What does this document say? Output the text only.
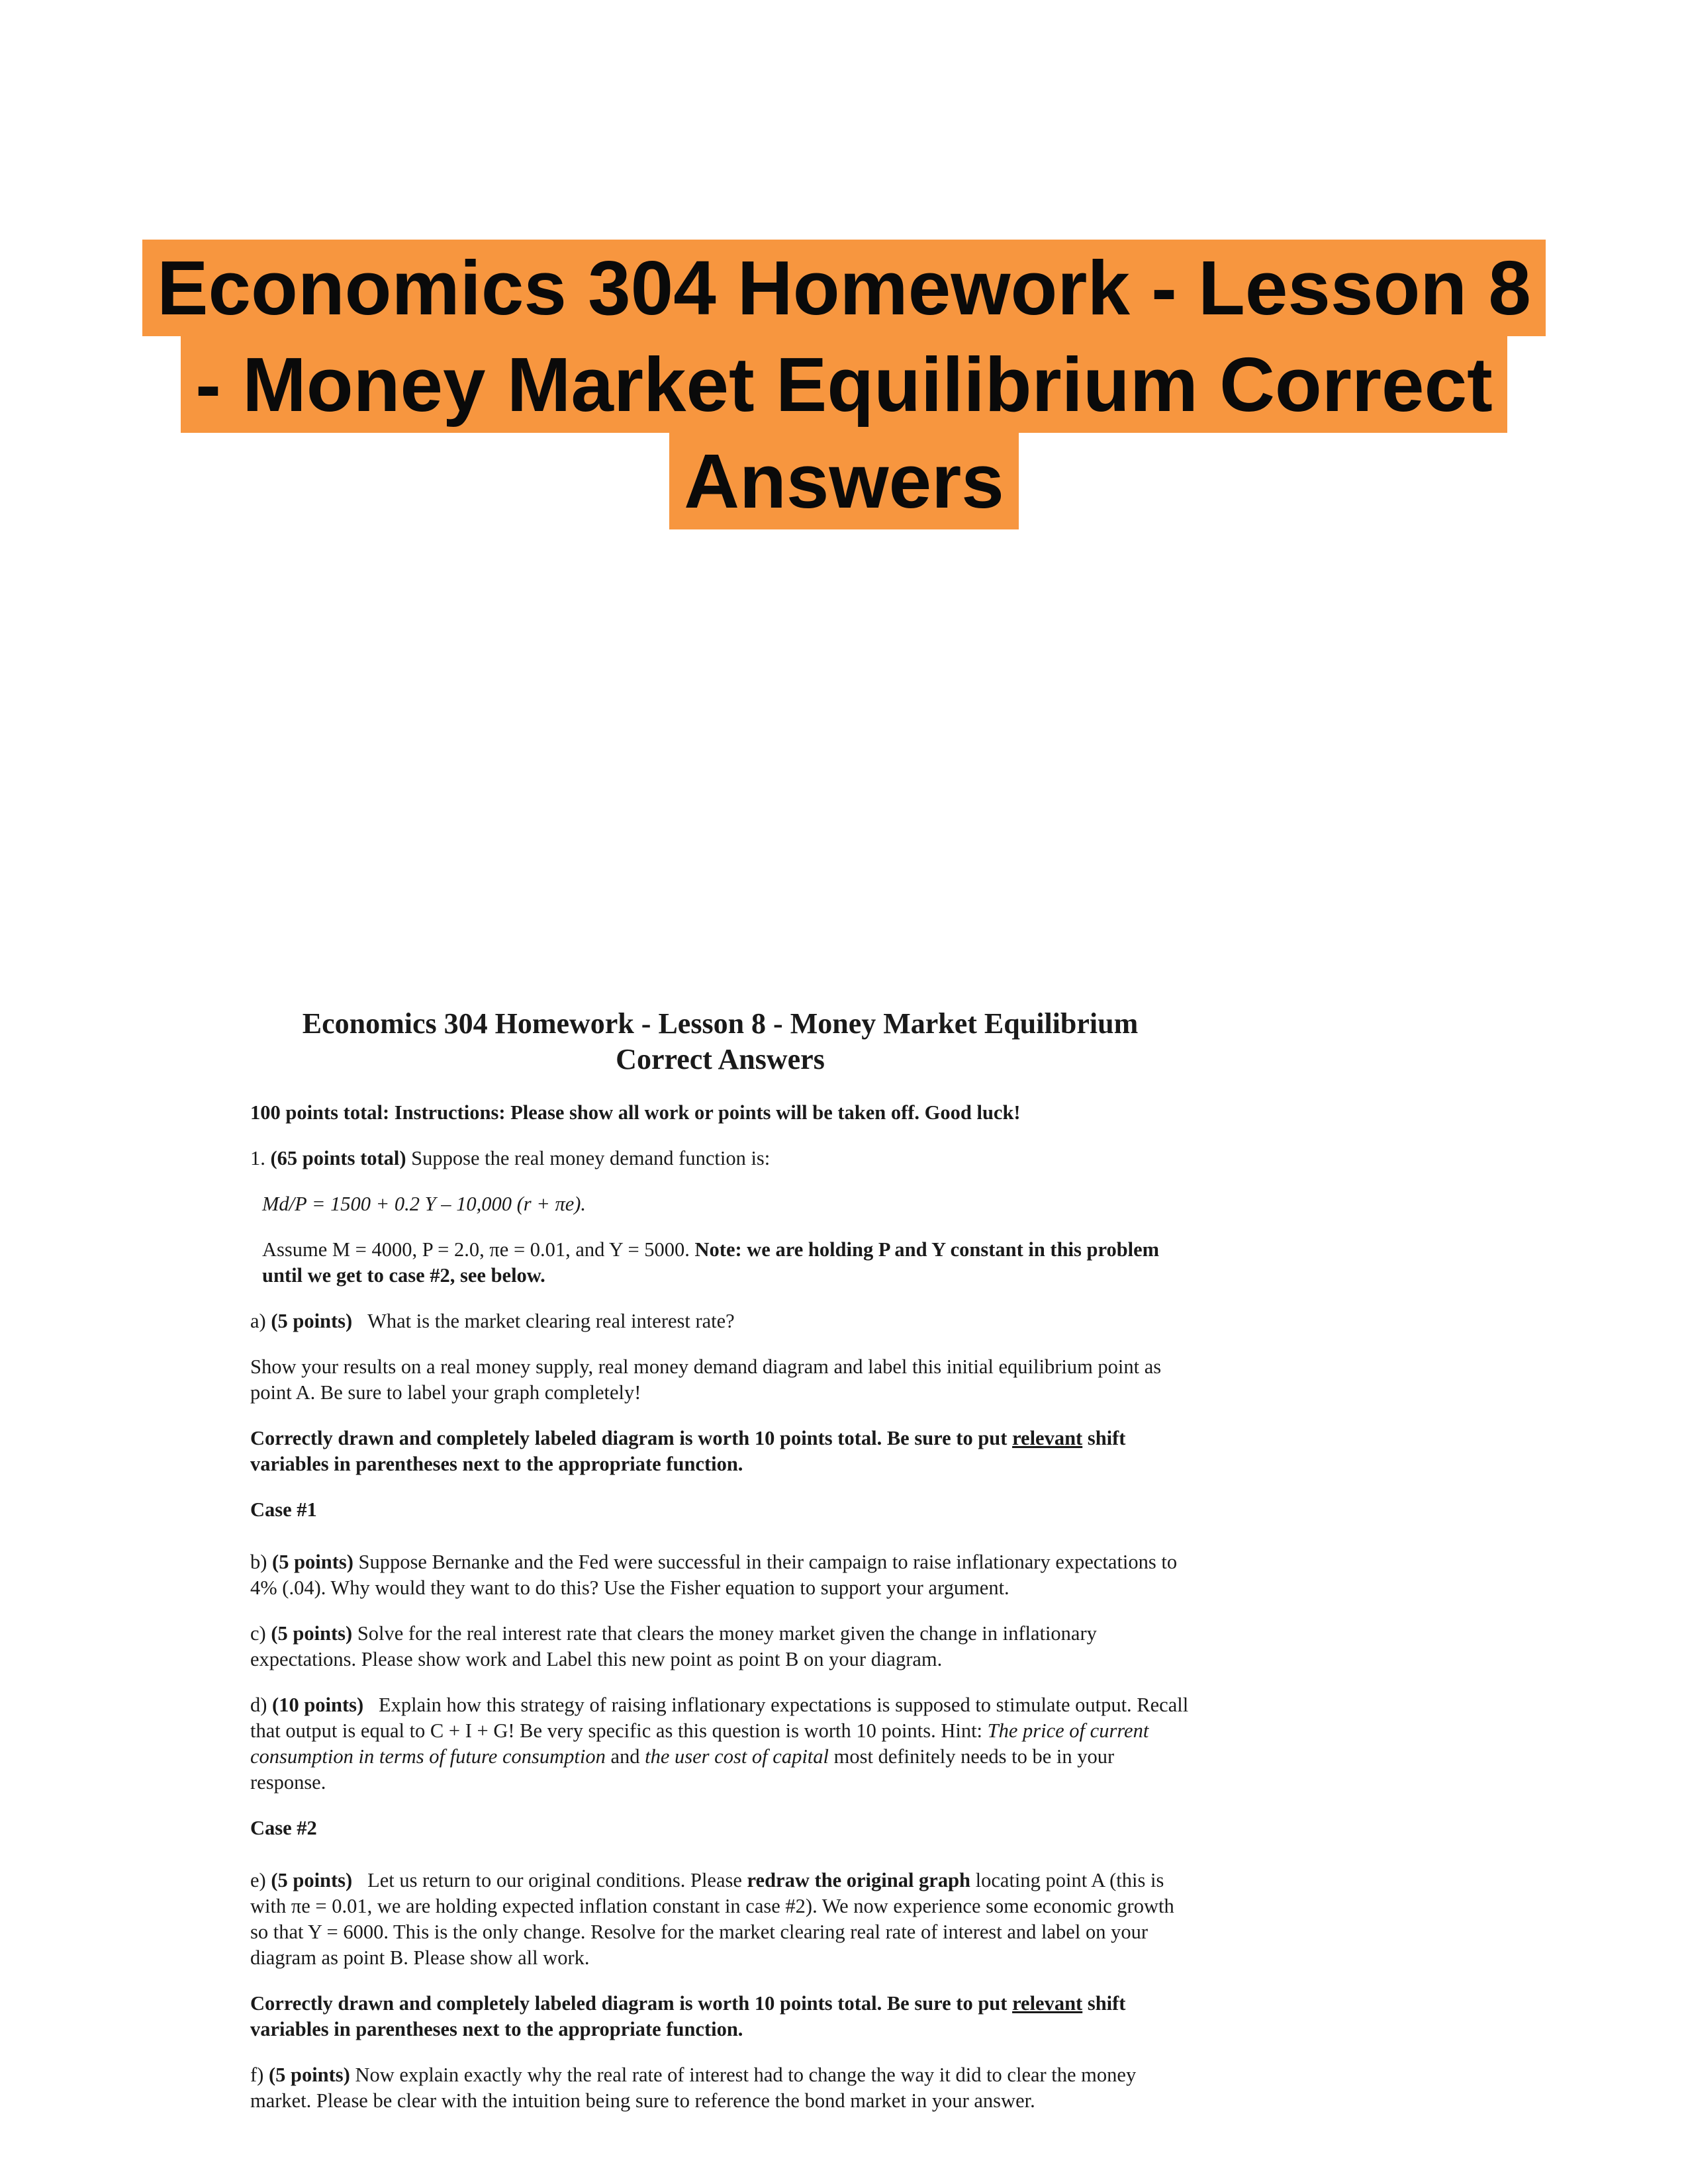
Economics 304 Homework - Lesson 8
- Money Market Equilibrium Correct
Answers
Economics 304 Homework - Lesson 8 - Money Market Equilibrium
Correct Answers

100 points total: Instructions: Please show all work or points will be taken off. Good luck!

1. (65 points total) Suppose the real money demand function is:

Md/P = 1500 + 0.2 Y – 10,000 (r + πe).

Assume M = 4000, P = 2.0, πe = 0.01, and Y = 5000. Note: we are holding P and Y constant in this problem until we get to case #2, see below.

a) (5 points) What is the market clearing real interest rate?

Show your results on a real money supply, real money demand diagram and label this initial equilibrium point as point A. Be sure to label your graph completely!

Correctly drawn and completely labeled diagram is worth 10 points total. Be sure to put relevant shift variables in parentheses next to the appropriate function.

Case #1

b) (5 points) Suppose Bernanke and the Fed were successful in their campaign to raise inflationary expectations to 4% (.04). Why would they want to do this? Use the Fisher equation to support your argument.

c) (5 points) Solve for the real interest rate that clears the money market given the change in inflationary expectations. Please show work and Label this new point as point B on your diagram.

d) (10 points) Explain how this strategy of raising inflationary expectations is supposed to stimulate output. Recall that output is equal to C + I + G! Be very specific as this question is worth 10 points. Hint: The price of current consumption in terms of future consumption and the user cost of capital most definitely needs to be in your response.

Case #2

e) (5 points) Let us return to our original conditions. Please redraw the original graph locating point A (this is with πe = 0.01, we are holding expected inflation constant in case #2). We now experience some economic growth so that Y = 6000. This is the only change. Resolve for the market clearing real rate of interest and label on your diagram as point B. Please show all work.

Correctly drawn and completely labeled diagram is worth 10 points total. Be sure to put relevant shift variables in parentheses next to the appropriate function.

f) (5 points) Now explain exactly why the real rate of interest had to change the way it did to clear the money market. Please be clear with the intuition being sure to reference the bond market in your answer.
